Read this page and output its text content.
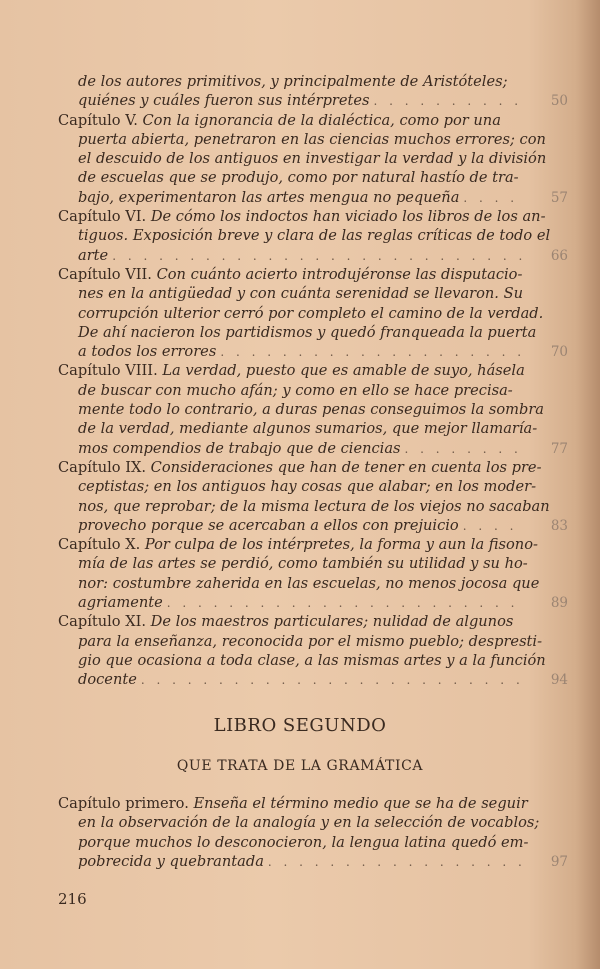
de los autores primitivos, y principalmente de Aristóteles;
quiénes y cuáles fueron sus intérpretes . . .	50
Capítulo V. Con la ignorancia de la dialéctica, como por una
puerta abierta, penetraron en las ciencias muchos errores; con
el descuido de los antiguos en investigar la verdad y la división
de escuelas que se produjo, como por natural hastío de tra-
bajo, experimentaron las artes mengua no pequeña . . .	57
Capítulo VI. De cómo los indoctos han viciado los libros de los an-
tiguos. Exposición breve y clara de las reglas críticas de todo el
arte . . .	66
Capítulo VII. Con cuánto acierto introdujéronse las disputacio-
nes en la antigüedad y con cuánta serenidad se llevaron. Su
corrupción ulterior cerró por completo el camino de la verdad.
De ahí nacieron los partidismos y quedó franqueada la puerta
a todos los errores . . .	70
Capítulo VIII. La verdad, puesto que es amable de suyo, hásela
de buscar con mucho afán; y como en ello se hace precisa-
mente todo lo contrario, a duras penas conseguimos la sombra
de la verdad, mediante algunos sumarios, que mejor llamaría-
mos compendios de trabajo que de ciencias . . .	77
Capítulo IX. Consideraciones que han de tener en cuenta los pre-
ceptistas; en los antiguos hay cosas que alabar; en los moder-
nos, que reprobar; de la misma lectura de los viejos no sacaban
provecho porque se acercaban a ellos con prejuicio . . .	83
Capítulo X. Por culpa de los intérpretes, la forma y aun la fisono-
mía de las artes se perdió, como también su utilidad y su ho-
nor: costumbre zaherida en las escuelas, no menos jocosa que
agriamente . . .	89
Capítulo XI. De los maestros particulares; nulidad de algunos
para la enseñanza, reconocida por el mismo pueblo; despresti-
gio que ocasiona a toda clase, a las mismas artes y a la función
docente . . .	94
LIBRO SEGUNDO
QUE TRATA DE LA GRAMÁTICA
Capítulo primero. Enseña el término medio que se ha de seguir
en la observación de la analogía y en la selección de vocablos;
porque muchos lo desconocieron, la lengua latina quedó em-
pobrecida y quebrantada . . .	97
216
